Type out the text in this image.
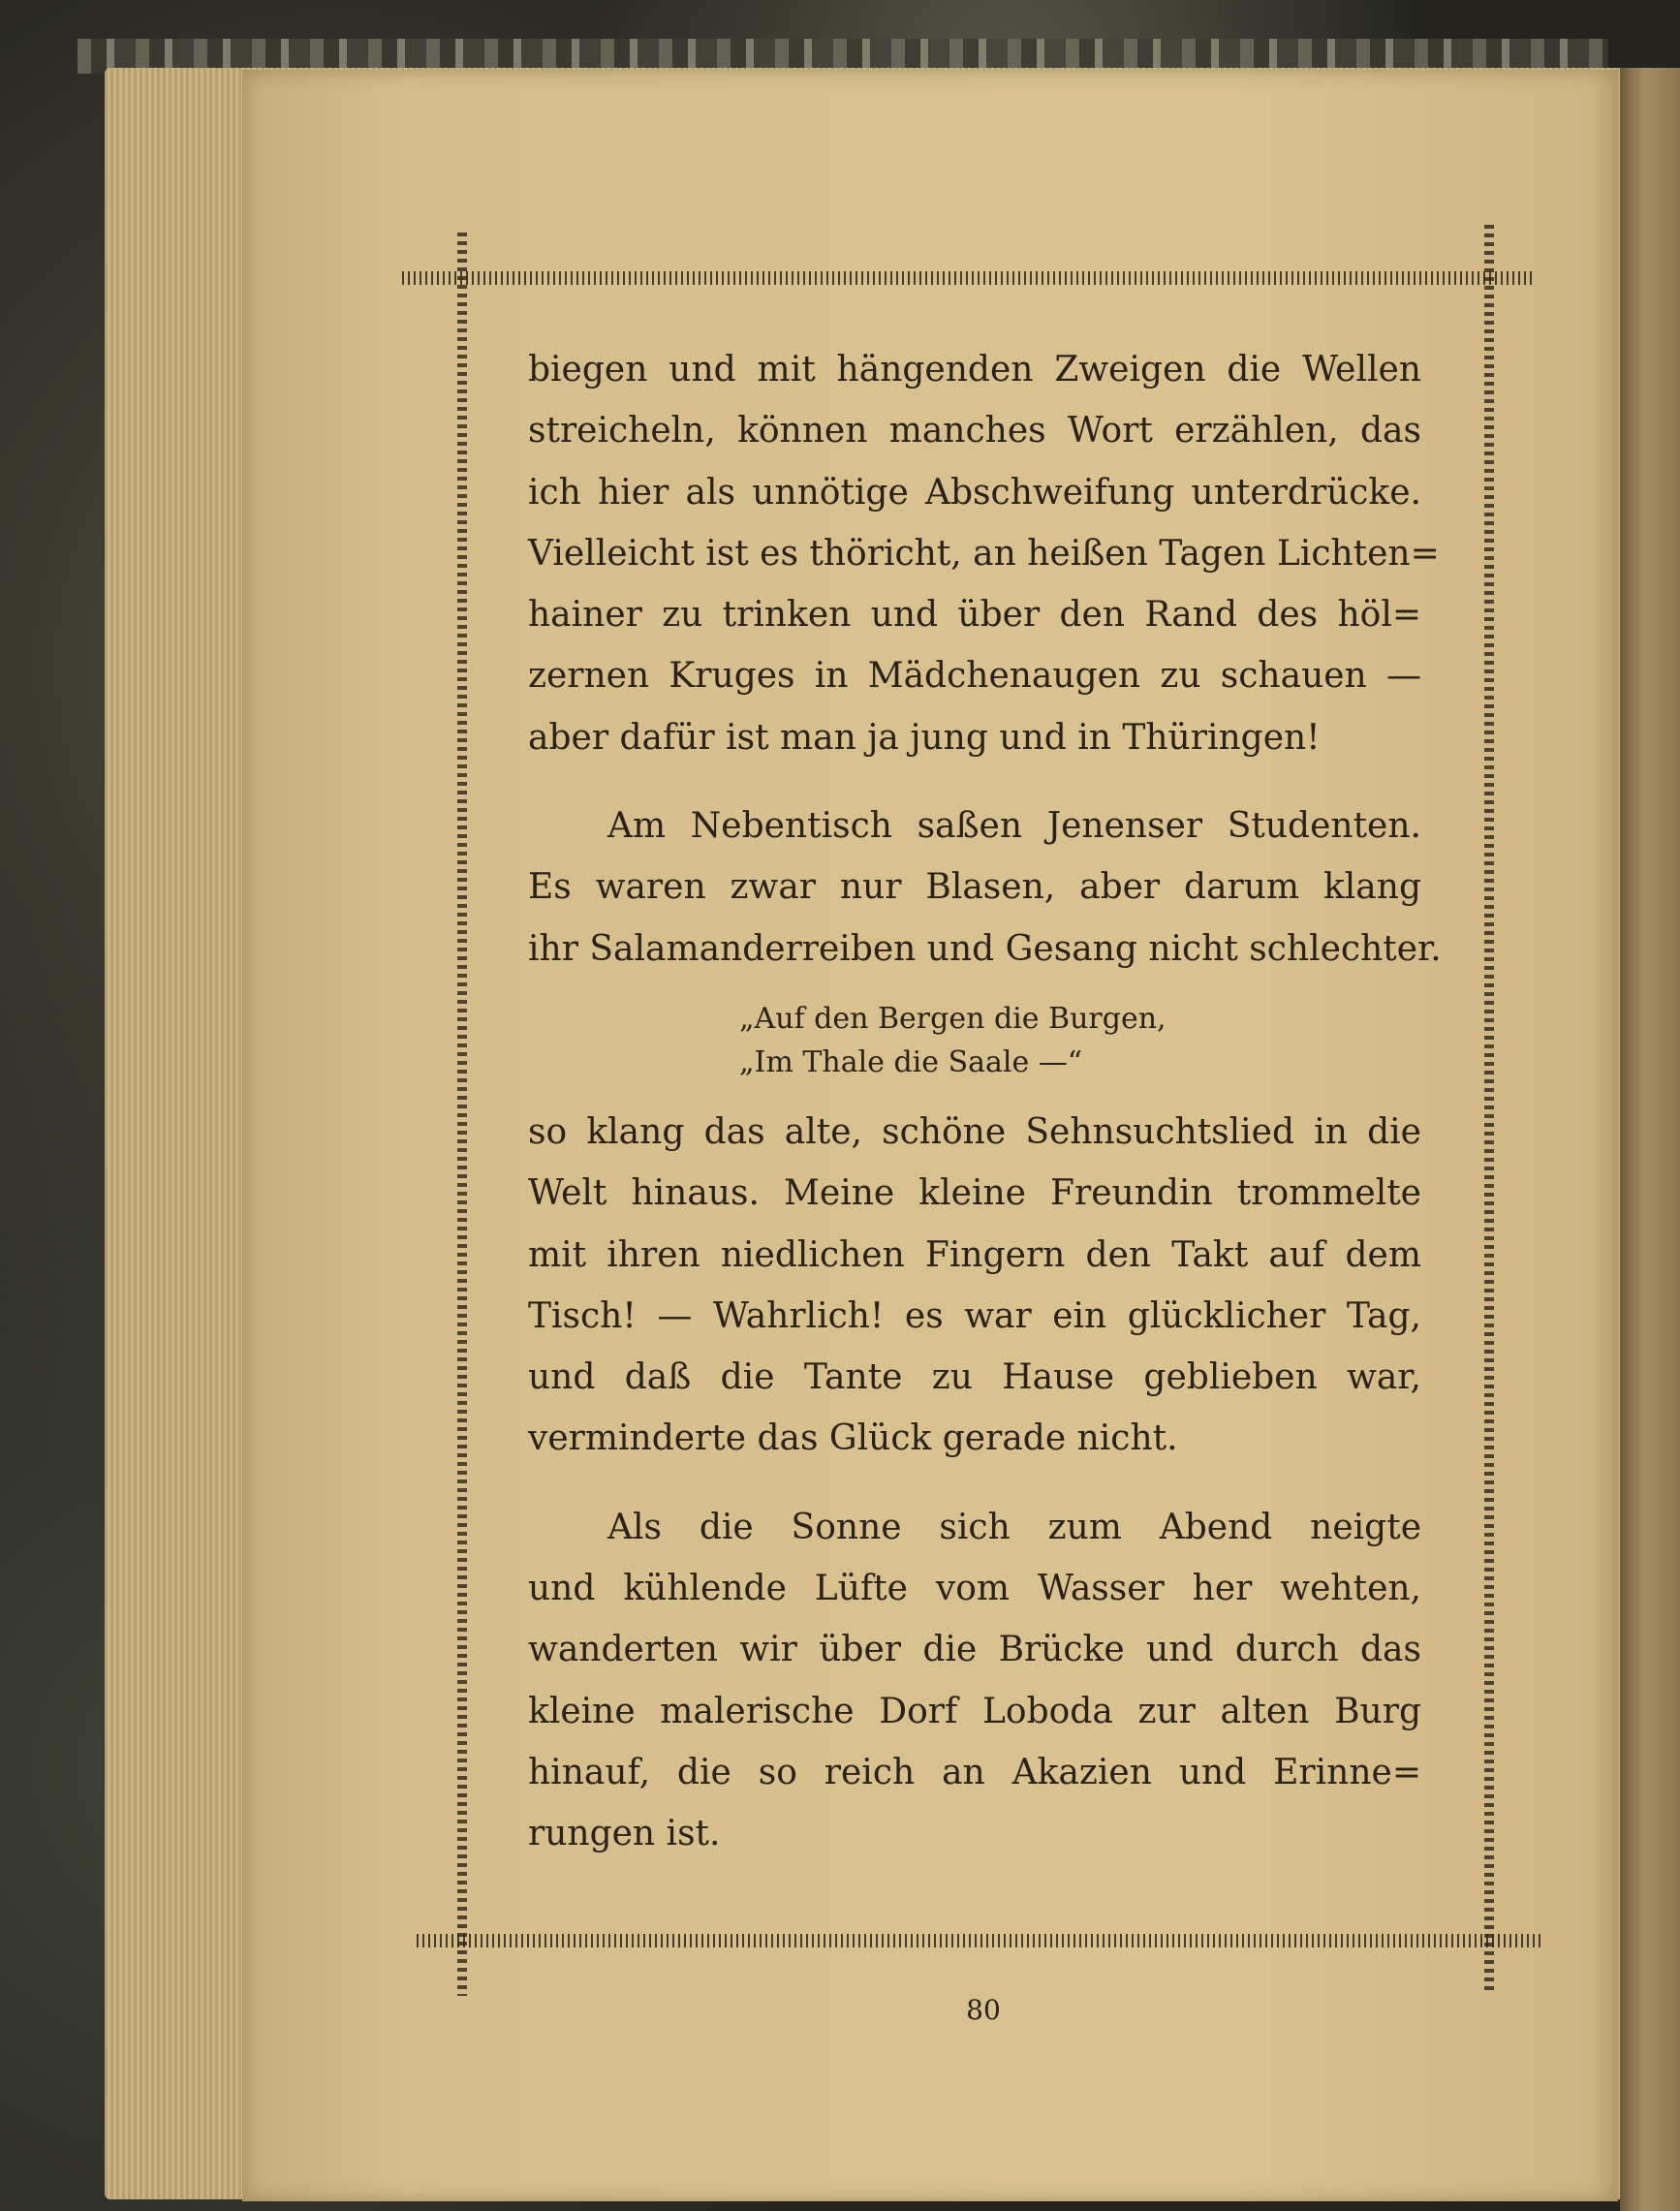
biegen und mit hängenden Zweigen die Wellen
streicheln, können manches Wort erzählen, das
ich hier als unnötige Abschweifung unterdrücke.
Vielleicht ist es thöricht, an heißen Tagen Lichten=
hainer zu trinken und über den Rand des höl=
zernen Kruges in Mädchenaugen zu schauen —
aber dafür ist man ja jung und in Thüringen!

Am Nebentisch saßen Jenenser Studenten.
Es waren zwar nur Blasen, aber darum klang
ihr Salamanderreiben und Gesang nicht schlechter.

„Auf den Bergen die Burgen,
„Im Thale die Saale —“

so klang das alte, schöne Sehnsuchtslied in die
Welt hinaus. Meine kleine Freundin trommelte
mit ihren niedlichen Fingern den Takt auf dem
Tisch! — Wahrlich! es war ein glücklicher Tag,
und daß die Tante zu Hause geblieben war,
verminderte das Glück gerade nicht.

Als die Sonne sich zum Abend neigte
und kühlende Lüfte vom Wasser her wehten,
wanderten wir über die Brücke und durch das
kleine malerische Dorf Loboda zur alten Burg
hinauf, die so reich an Akazien und Erinne=
rungen ist.

80
